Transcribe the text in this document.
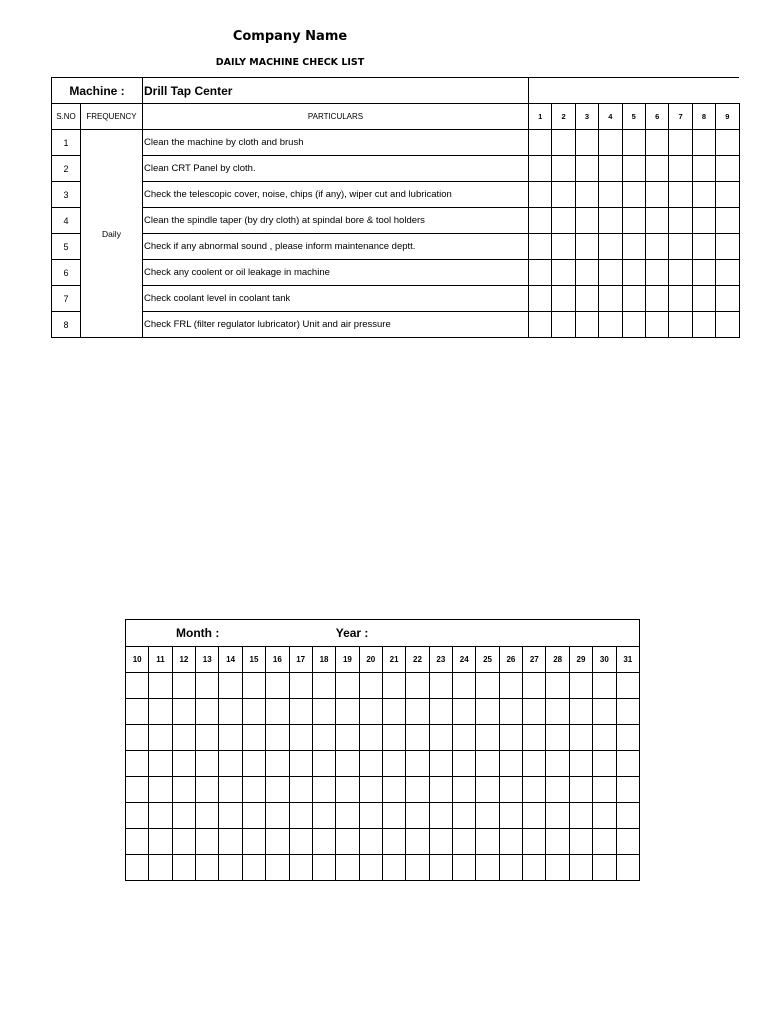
Company Name
DAILY MACHINE CHECK LIST
Machine :		Drill Tap Center									
S.NO	FREQUENCY	PARTICULARS	1	2	3	4	5	6	7	8	9
1	Daily	Clean the machine by cloth and brush									
2		Clean CRT Panel by cloth.									
3		Check the telescopic cover, noise, chips (if any), wiper cut and lubrication									
4		Clean the spindle taper (by dry cloth) at spindal bore & tool holders									
5		Check if any abnormal sound , please inform maintenance deptt.									
6		Check any coolent or oil leakage in machine									
7		Check coolant level in coolant tank									
8		Check FRL (filter regulator lubricator) Unit and air pressure									
Month :									Year :												
10	11	12	13	14	15	16	17	18	19	20	21	22	23	24	25	26	27	28	29	30	31
